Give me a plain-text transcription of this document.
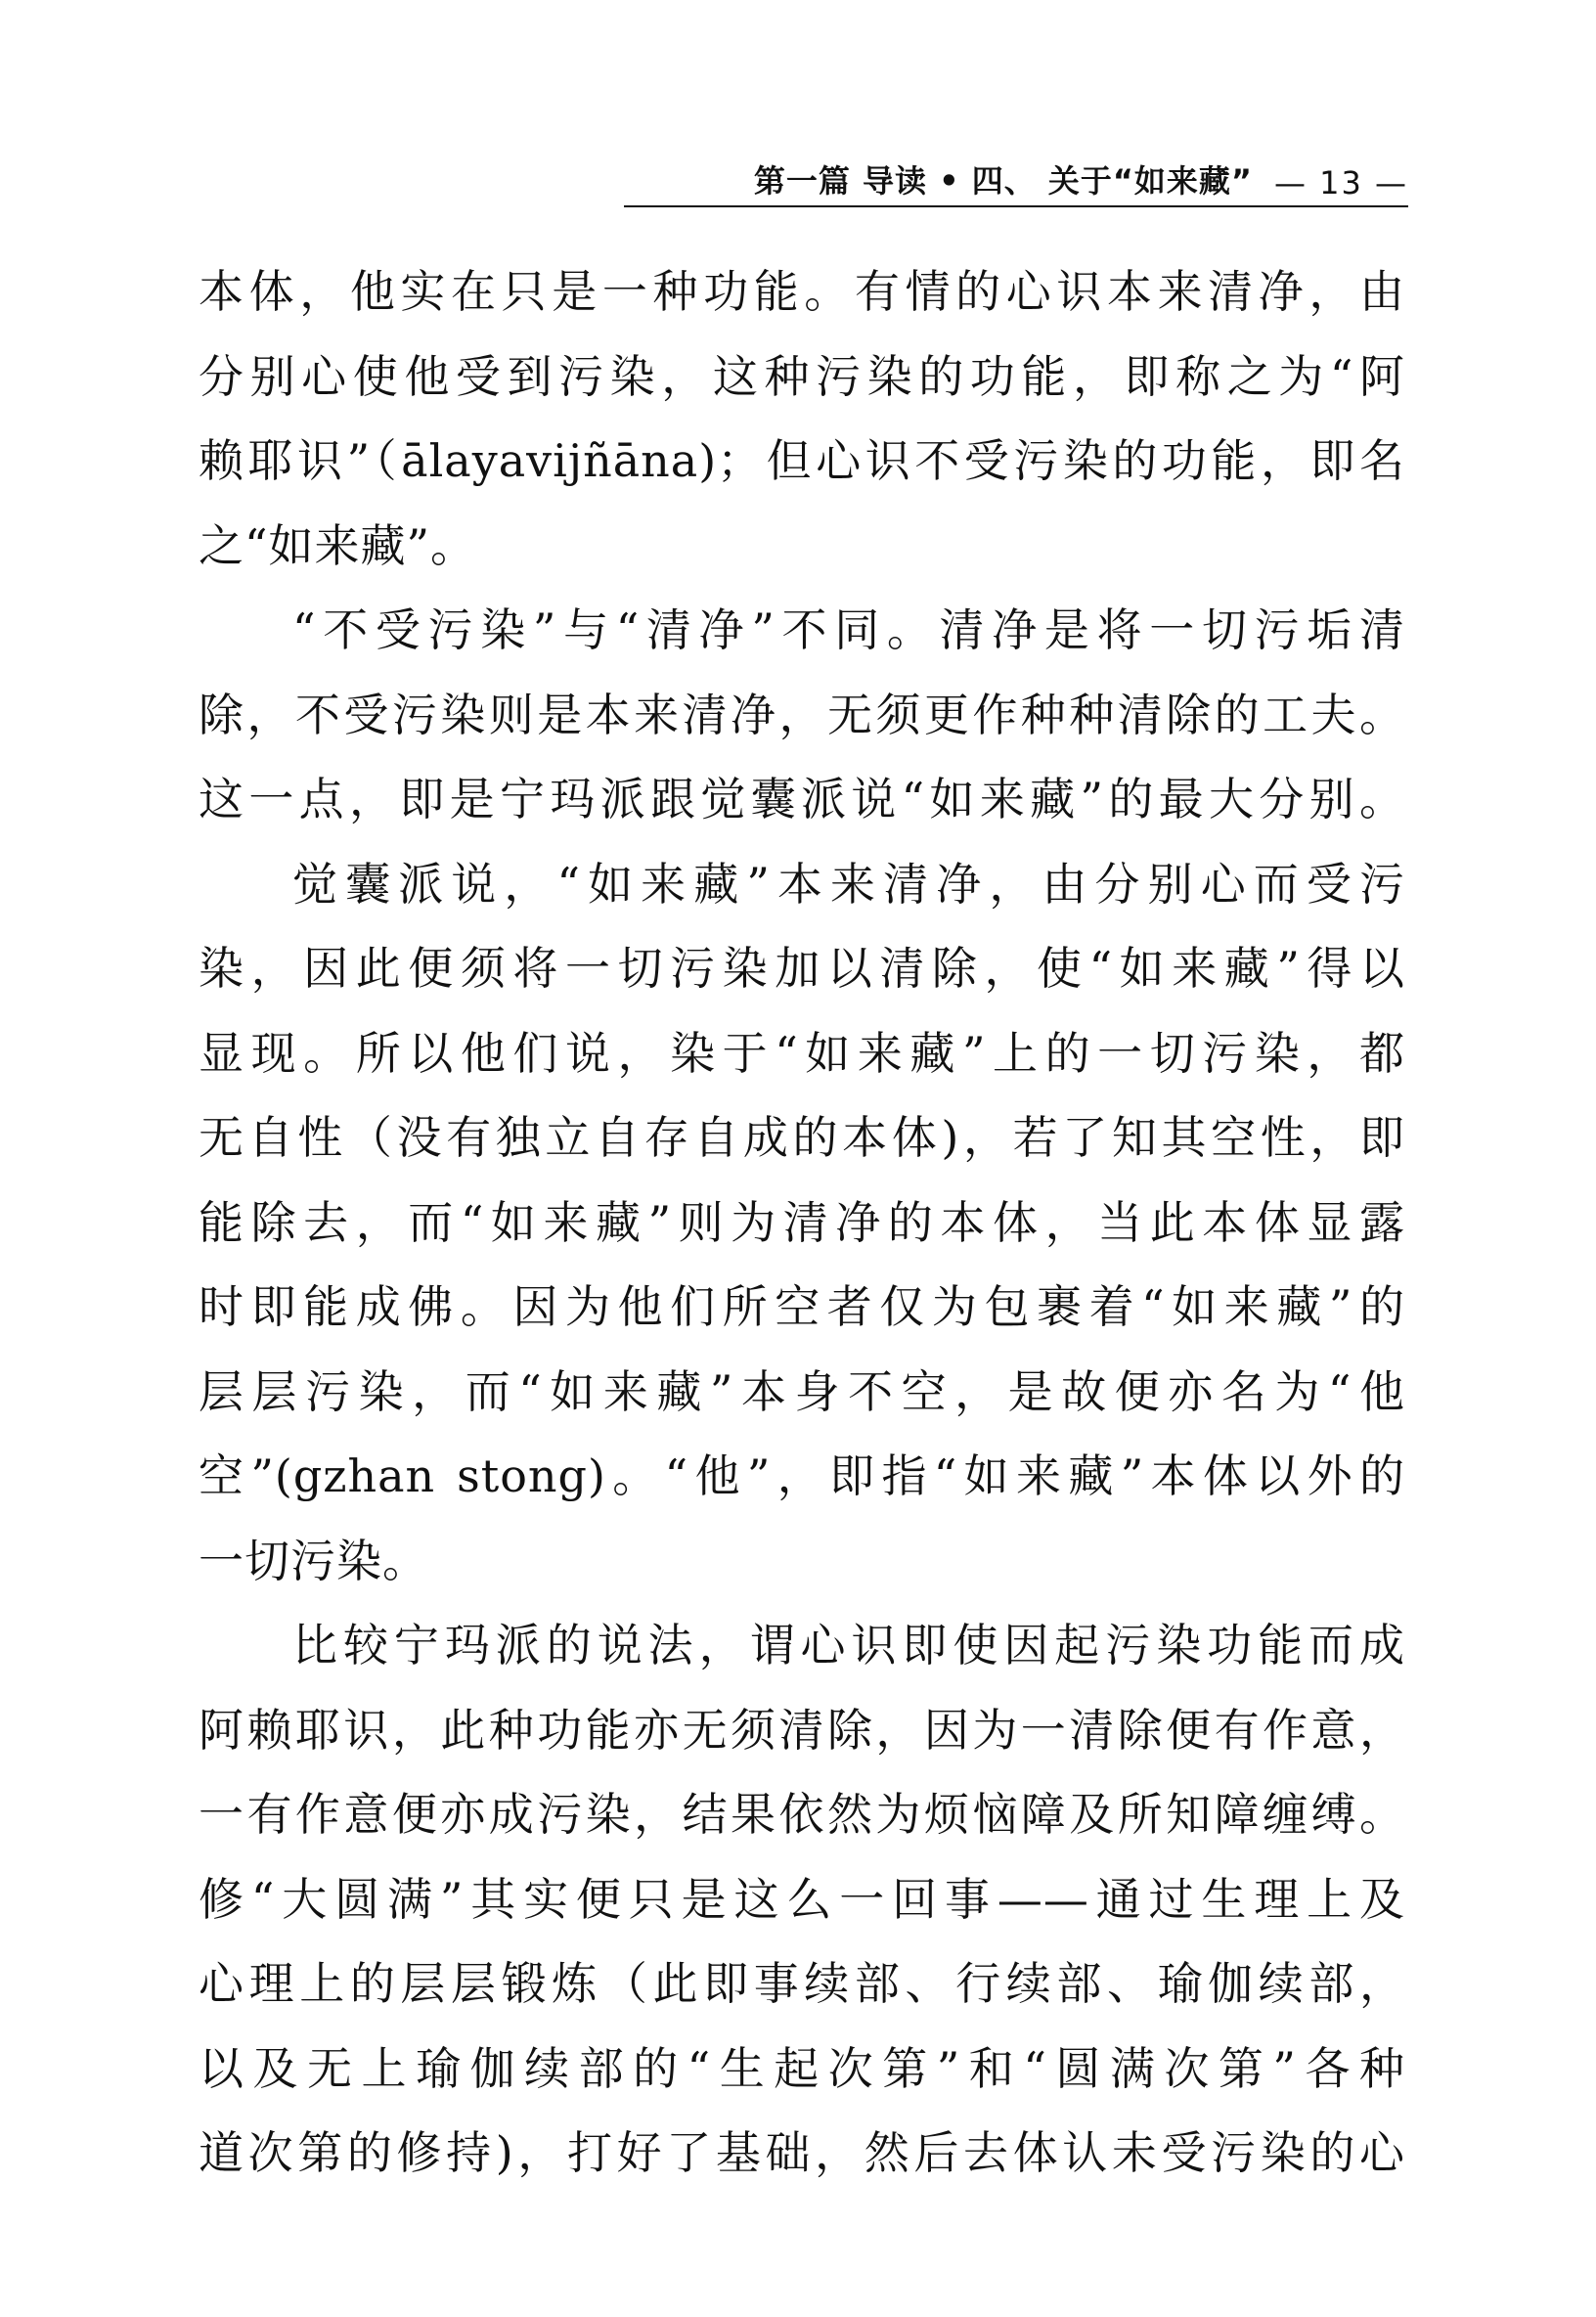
第一篇 导读 • 四、 关于“如来藏” — 13 —
本体，他实在只是一种功能。有情的心识本来清净，由
分别心使他受到污染，这种污染的功能，即称之为“阿
赖耶识”（ālayavijñāna)；但心识不受污染的功能，即名
之“如来藏”。
“不受污染”与“清净”不同。清净是将一切污垢清
除，不受污染则是本来清净，无须更作种种清除的工夫。
这一点，即是宁玛派跟觉囊派说“如来藏”的最大分别。
觉囊派说，“如来藏”本来清净，由分别心而受污
染，因此便须将一切污染加以清除，使“如来藏”得以
显现。所以他们说，染于“如来藏”上的一切污染，都
无自性（没有独立自存自成的本体)，若了知其空性，即
能除去，而“如来藏”则为清净的本体，当此本体显露
时即能成佛。因为他们所空者仅为包裹着“如来藏”的
层层污染，而“如来藏”本身不空，是故便亦名为“他
空”(gzhan stong)。“他”，即指“如来藏”本体以外的
一切污染。
比较宁玛派的说法，谓心识即使因起污染功能而成
阿赖耶识，此种功能亦无须清除，因为一清除便有作意，
一有作意便亦成污染，结果依然为烦恼障及所知障缠缚。
修“大圆满”其实便只是这么一回事——通过生理上及
心理上的层层锻炼（此即事续部、行续部、瑜伽续部，
以及无上瑜伽续部的“生起次第”和“圆满次第”各种
道次第的修持)，打好了基础，然后去体认未受污染的心
